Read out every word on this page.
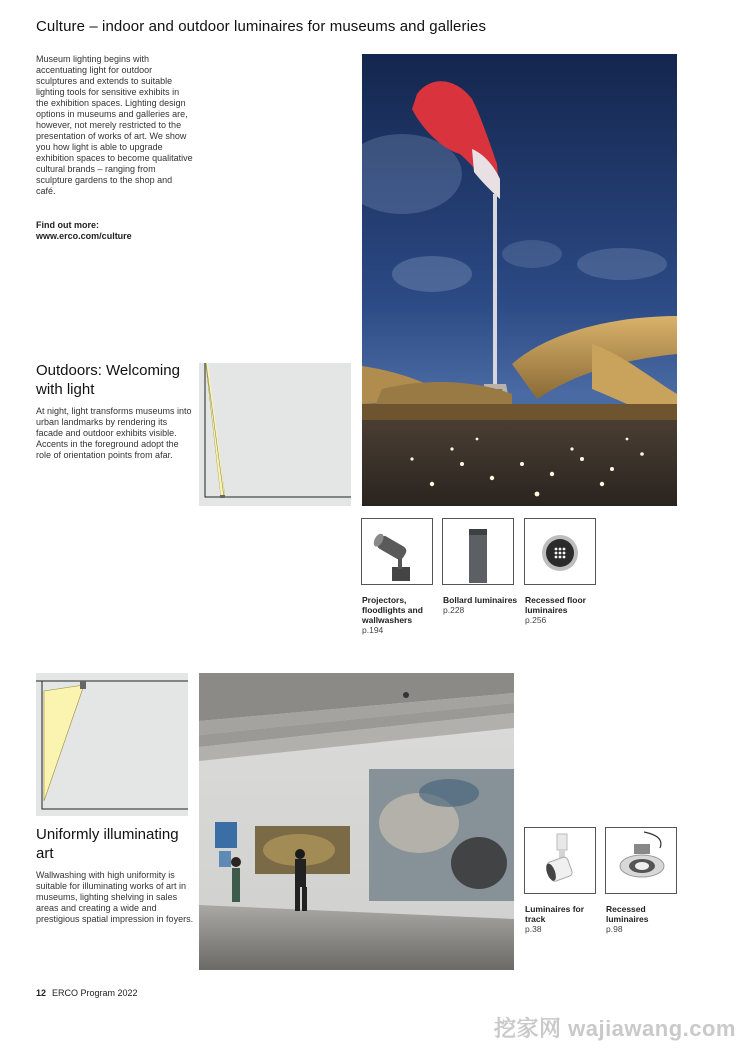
Culture – indoor and outdoor luminaires for museums and galleries
Museum lighting begins with accentuating light for outdoor sculptures and extends to suitable lighting tools for sensitive exhibits in the exhibition spaces. Lighting design options in museums and galleries are, however, not merely restricted to the presentation of works of art. We show you how light is able to upgrade exhibition spaces to become qualitative cultural brands – ranging from sculpture gardens to the shop and café.
Find out more:
www.erco.com/culture
Outdoors: Welcoming with light
At night, light transforms museums into urban landmarks by rendering its facade and outdoor exhibits visible. Accents in the foreground adopt the role of orientation points from afar.
Projectors, floodlights and wallwashers
p.194
Bollard luminaires
p.228
Recessed floor luminaires
p.256
Uniformly illuminating art
Wallwashing with high uniformity is suitable for illuminating works of art in museums, lighting shelving in sales areas and creating a wide and prestigious spatial impression in foyers.
Luminaires for track
p.38
Recessed luminaires
p.98
12 ERCO Program 2022
挖家网 wajiawang.com
